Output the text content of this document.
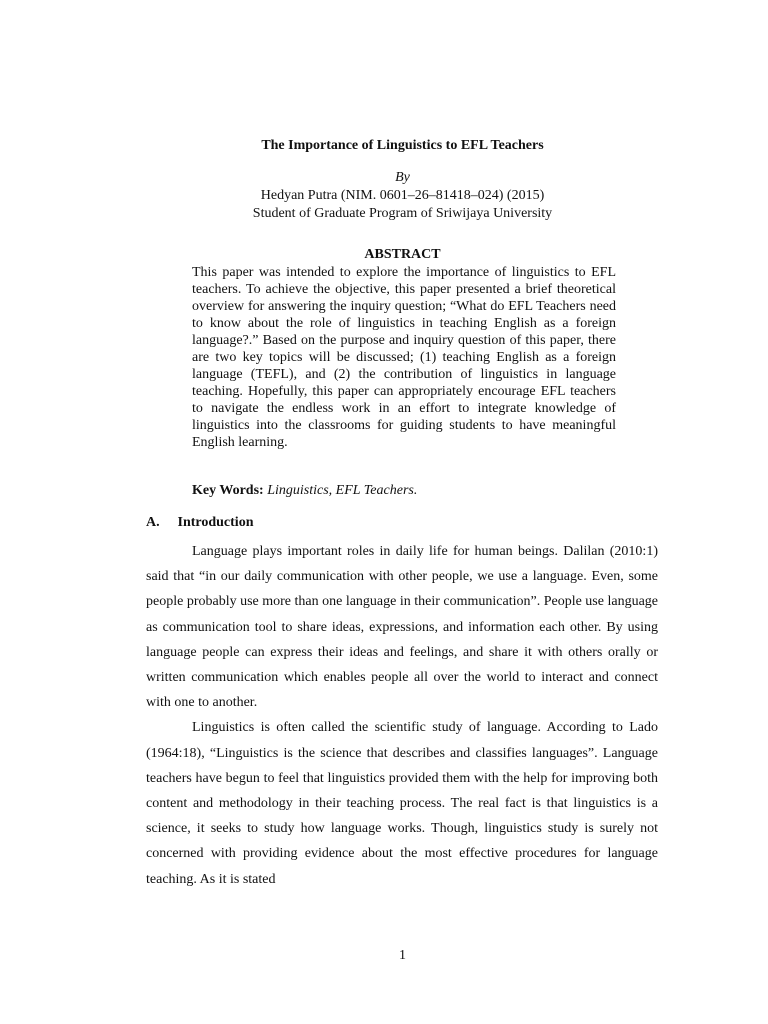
The Importance of Linguistics to EFL Teachers
By
Hedyan Putra (NIM. 0601–26–81418–024) (2015)
Student of Graduate Program of Sriwijaya University
ABSTRACT
This paper was intended to explore the importance of linguistics to EFL teachers. To achieve the objective, this paper presented a brief theoretical overview for answering the inquiry question; “What do EFL Teachers need to know about the role of linguistics in teaching English as a foreign language?.” Based on the purpose and inquiry question of this paper, there are two key topics will be discussed; (1) teaching English as a foreign language (TEFL), and (2) the contribution of linguistics in language teaching. Hopefully, this paper can appropriately encourage EFL teachers to navigate the endless work in an effort to integrate knowledge of linguistics into the classrooms for guiding students to have meaningful English learning.
Key Words: Linguistics, EFL Teachers.
A. Introduction

Language plays important roles in daily life for human beings. Dalilan (2010:1) said that “in our daily communication with other people, we use a language. Even, some people probably use more than one language in their communication”. People use language as communication tool to share ideas, expressions, and information each other. By using language people can express their ideas and feelings, and share it with others orally or written communication which enables people all over the world to interact and connect with one to another.

Linguistics is often called the scientific study of language. According to Lado (1964:18), “Linguistics is the science that describes and classifies languages”. Language teachers have begun to feel that linguistics provided them with the help for improving both content and methodology in their teaching process. The real fact is that linguistics is a science, it seeks to study how language works. Though, linguistics study is surely not concerned with providing evidence about the most effective procedures for language teaching. As it is stated

1
